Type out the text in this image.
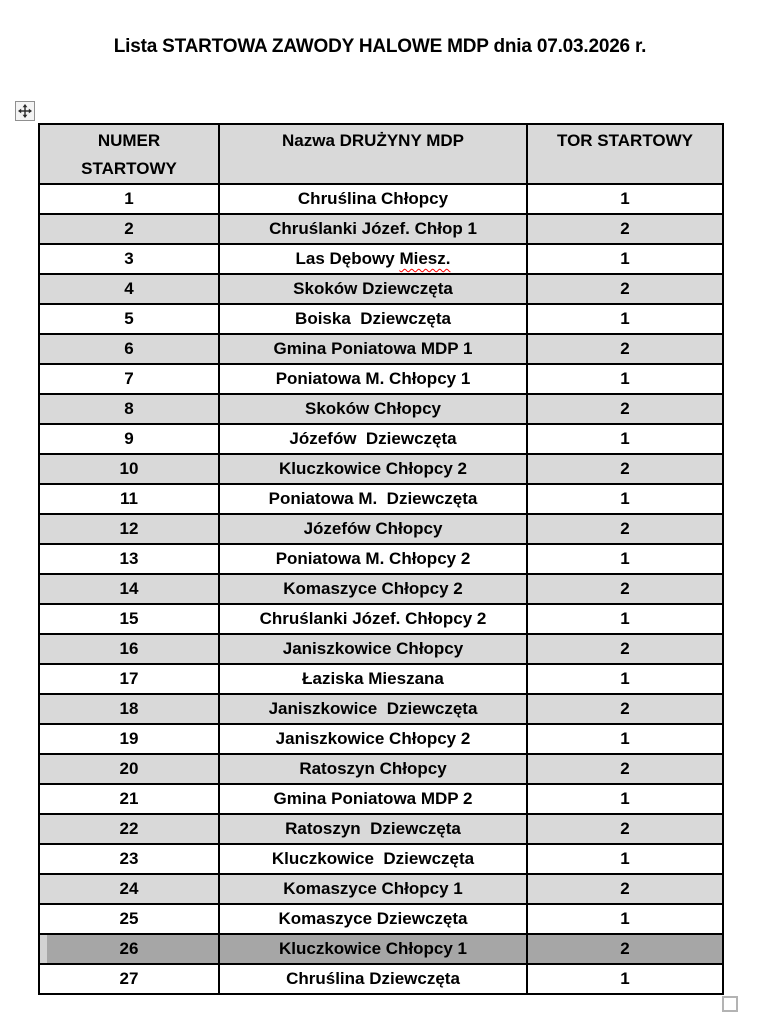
Lista STARTOWA ZAWODY HALOWE MDP dnia 07.03.2026 r.
NUMER STARTOWY	Nazwa DRUŻYNY MDP	TOR STARTOWY
1	Chruślina Chłopcy	1
2	Chruślanki Józef. Chłop 1	2
3	Las Dębowy Miesz.	1
4	Skoków Dziewczęta	2
5	Boiska  Dziewczęta	1
6	Gmina Poniatowa MDP 1	2
7	Poniatowa M. Chłopcy 1	1
8	Skoków Chłopcy	2
9	Józefów  Dziewczęta	1
10	Kluczkowice Chłopcy 2	2
11	Poniatowa M.  Dziewczęta	1
12	Józefów Chłopcy	2
13	Poniatowa M. Chłopcy 2	1
14	Komaszyce Chłopcy 2	2
15	Chruślanki Józef. Chłopcy 2	1
16	Janiszkowice Chłopcy	2
17	Łaziska Mieszana	1
18	Janiszkowice  Dziewczęta	2
19	Janiszkowice Chłopcy 2	1
20	Ratoszyn Chłopcy	2
21	Gmina Poniatowa MDP 2	1
22	Ratoszyn  Dziewczęta	2
23	Kluczkowice  Dziewczęta	1
24	Komaszyce Chłopcy 1	2
25	Komaszyce Dziewczęta	1
26	Kluczkowice Chłopcy 1	2
27	Chruślina Dziewczęta	1
